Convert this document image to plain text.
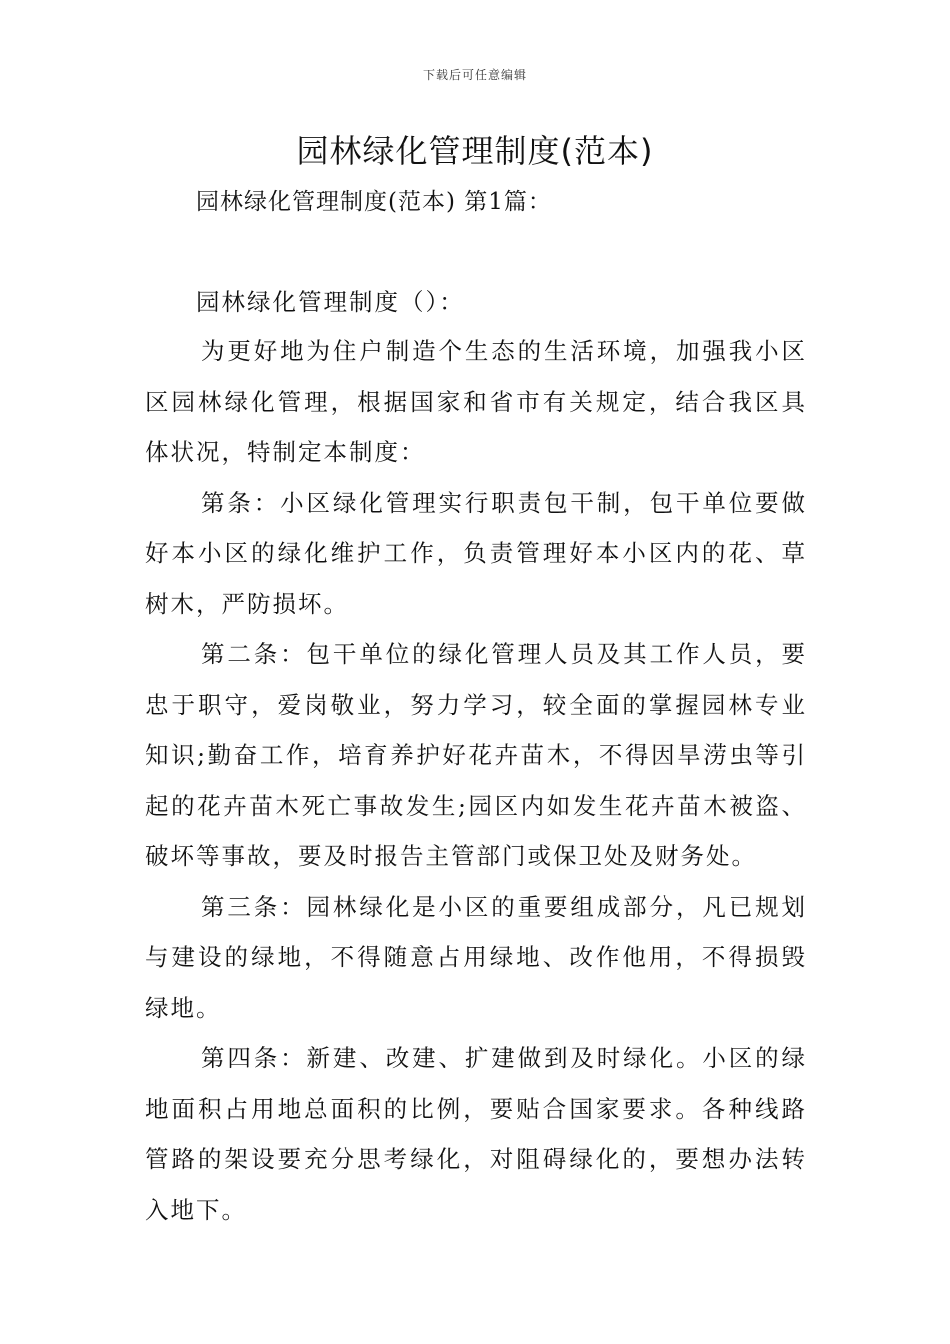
下载后可任意编辑
园林绿化管理制度(范本)
园林绿化管理制度(范本) 第1篇：
园林绿化管理制度（）：

为更好地为住户制造个生态的生活环境，加强我小区区园林绿化管理，根据国家和省市有关规定，结合我区具体状况，特制定本制度：

第条：小区绿化管理实行职责包干制，包干单位要做好本小区的绿化维护工作，负责管理好本小区内的花、草树木，严防损坏。

第二条：包干单位的绿化管理人员及其工作人员，要忠于职守，爱岗敬业，努力学习，较全面的掌握园林专业知识;勤奋工作，培育养护好花卉苗木，不得因旱涝虫等引起的花卉苗木死亡事故发生;园区内如发生花卉苗木被盗、破坏等事故，要及时报告主管部门或保卫处及财务处。

第三条：园林绿化是小区的重要组成部分，凡已规划与建设的绿地，不得随意占用绿地、改作他用，不得损毁绿地。

第四条：新建、改建、扩建做到及时绿化。小区的绿地面积占用地总面积的比例，要贴合国家要求。各种线路管路的架设要充分思考绿化，对阻碍绿化的，要想办法转入地下。
